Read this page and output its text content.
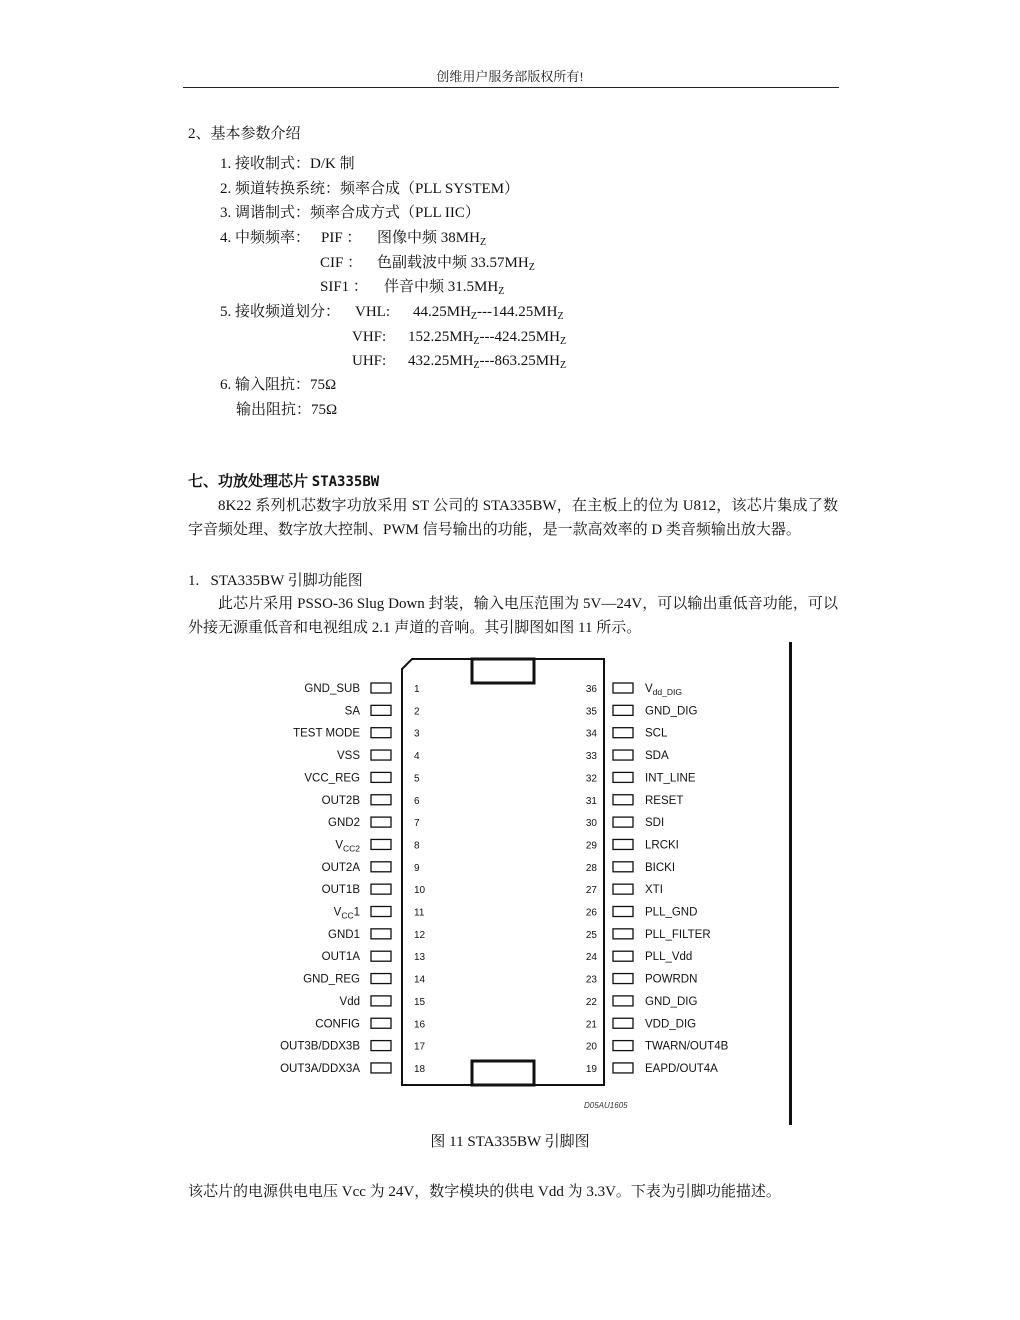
创维用户服务部版权所有!
2、基本参数介绍
1. 接收制式：D/K 制
2. 频道转换系统：频率合成（PLL SYSTEM）
3. 调谐制式：频率合成方式（PLL IIC）
4. 中频频率： PIF ： 图像中频 $38MH_Z$
CIF ： 色副载波中频 $33.57MH_Z$
SIF1 ： 伴音中频 $31.5MH_Z$
5. 接收频道划分： VHL: $44.25MH_Z---144.25MH_Z$
VHF: $152.25MH_Z---424.25MH_Z$
UHF: $432.25MH_Z---863.25MH_Z$
6. 输入阻抗：75Ω
输出阻抗：75Ω
七、功放处理芯片 STA335BW
8K22 系列机芯数字功放采用 ST 公司的 STA335BW，在主板上的位为 U812，该芯片集成了数字音频处理、数字放大控制、PWM 信号输出的功能，是一款高效率的 D 类音频输出放大器。
1. STA335BW 引脚功能图
此芯片采用 PSSO-36 Slug Down 封装，输入电压范围为 5V—24V，可以输出重低音功能，可以外接无源重低音和电视组成 2.1 声道的音响。其引脚图如图 11 所示。
1
GND_SUB
2
SA
3
TEST MODE
4
VSS
5
VCC_REG
6
OUT2B
7
GND2
8
$V_{CC2}$
9
OUT2A
10
OUT1B
11
$V_{CC}1$
12
GND1
13
OUT1A
14
GND_REG
15
Vdd
16
CONFIG
17
OUT3B/DDX3B
18
OUT3A/DDX3A
36	$V_{dd\_DIG}$
35	GND_DIG
34	SCL
33	SDA
32	INT_LINE
31	RESET
30	SDI
29	LRCKI
28	BICKI
27	XTI
26	PLL_GND
25	PLL_FILTER
24	PLL_Vdd
23	POWRDN
22	GND_DIG
21	VDD_DIG
20	TWARN/OUT4B
19	EAPD/OUT4A
D05AU1605
图 11 STA335BW 引脚图
该芯片的电源供电电压 Vcc 为 24V，数字模块的供电 Vdd 为 3.3V。下表为引脚功能描述。
